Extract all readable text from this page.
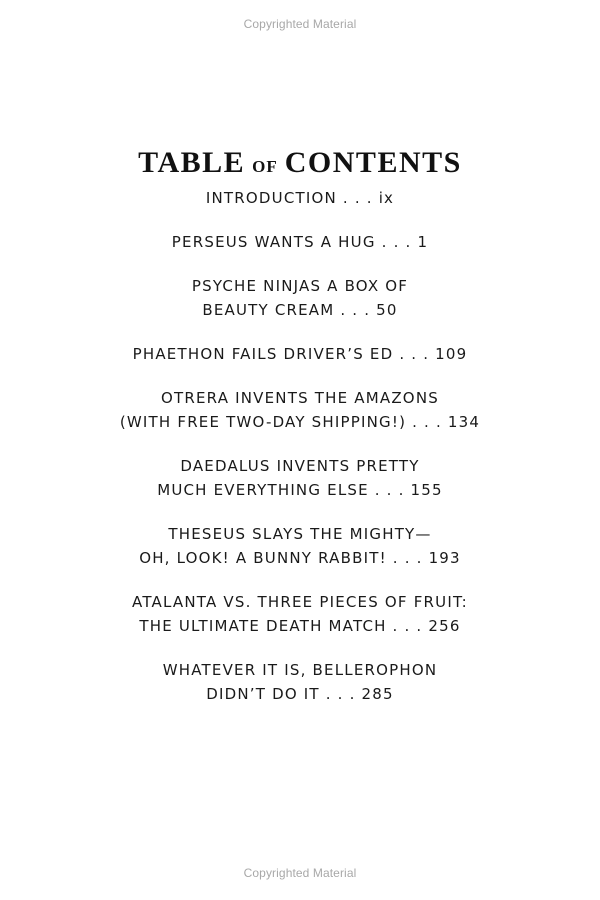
Copyrighted Material
TABLE OF CONTENTS
INTRODUCTION . . . ix
PERSEUS WANTS A HUG . . . 1
PSYCHE NINJAS A BOX OF
BEAUTY CREAM . . . 50
PHAETHON FAILS DRIVER’S ED . . . 109
OTRERA INVENTS THE AMAZONS
(WITH FREE TWO-DAY SHIPPING!) . . . 134
DAEDALUS INVENTS PRETTY
MUCH EVERYTHING ELSE . . . 155
THESEUS SLAYS THE MIGHTY—
OH, LOOK! A BUNNY RABBIT! . . . 193
ATALANTA VS. THREE PIECES OF FRUIT:
THE ULTIMATE DEATH MATCH . . . 256
WHATEVER IT IS, BELLEROPHON
DIDN’T DO IT . . . 285
Copyrighted Material
